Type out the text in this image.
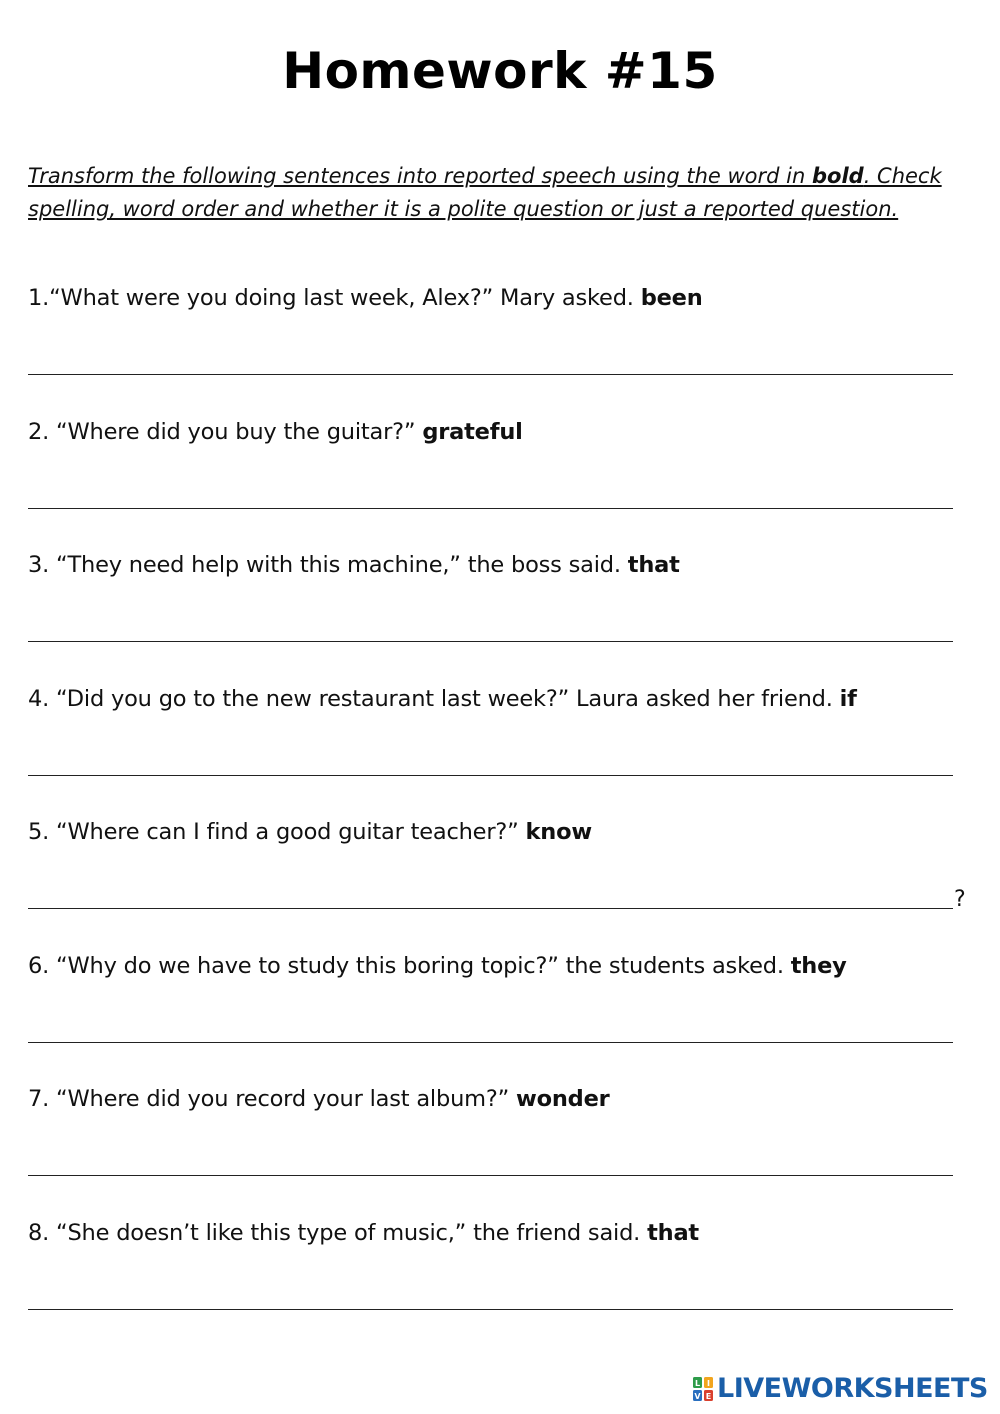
Homework #15

Transform the following sentences into reported speech using the word in bold. Check spelling, word order and whether it is a polite question or just a reported question.

1.“What were you doing last week, Alex?” Mary asked. been

2. “Where did you buy the guitar?” grateful

3. “They need help with this machine,” the boss said. that

4. “Did you go to the new restaurant last week?” Laura asked her friend. if

5. “Where can I find a good guitar teacher?” know

?

6. “Why do we have to study this boring topic?” the students asked. they

7. “Where did you record your last album?” wonder

8. “She doesn’t like this type of music,” the friend said. that

L I
V E LIVEWORKSHEETS
